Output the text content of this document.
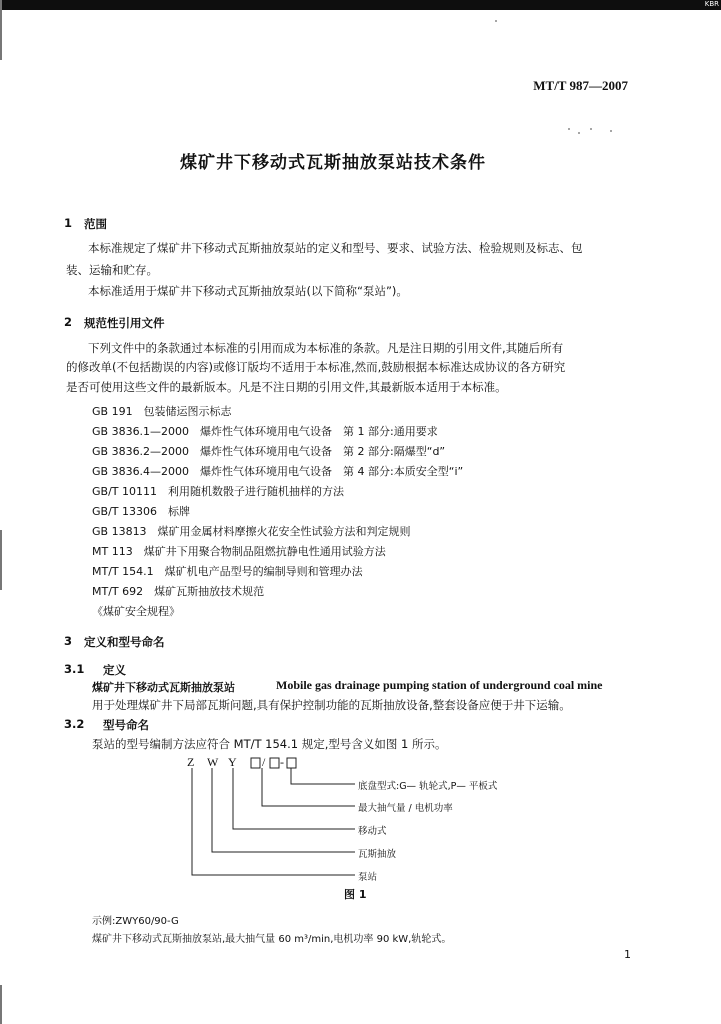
KBR
MT/T 987—2007
煤矿井下移动式瓦斯抽放泵站技术条件
1 范围
本标准规定了煤矿井下移动式瓦斯抽放泵站的定义和型号、要求、试验方法、检验规则及标志、包
装、运输和贮存。
本标准适用于煤矿井下移动式瓦斯抽放泵站(以下简称“泵站”)。
2 规范性引用文件
下列文件中的条款通过本标准的引用而成为本标准的条款。凡是注日期的引用文件,其随后所有
的修改单(不包括勘误的内容)或修订版均不适用于本标准,然而,鼓励根据本标准达成协议的各方研究
是否可使用这些文件的最新版本。凡是不注日期的引用文件,其最新版本适用于本标准。
GB 191　包装储运图示标志
GB 3836.1—2000　爆炸性气体环境用电气设备　第 1 部分:通用要求
GB 3836.2—2000　爆炸性气体环境用电气设备　第 2 部分:隔爆型“d”
GB 3836.4—2000　爆炸性气体环境用电气设备　第 4 部分:本质安全型“i”
GB/T 10111　利用随机数骰子进行随机抽样的方法
GB/T 13306　标牌
GB 13813　煤矿用金属材料摩擦火花安全性试验方法和判定规则
MT 113　煤矿井下用聚合物制品阻燃抗静电性通用试验方法
MT/T 154.1　煤矿机电产品型号的编制导则和管理办法
MT/T 692　煤矿瓦斯抽放技术规范
《煤矿安全规程》
3 定义和型号命名
3.1 定义
煤矿井下移动式瓦斯抽放泵站	Mobile gas drainage pumping station of underground coal mine
用于处理煤矿井下局部瓦斯问题,具有保护控制功能的瓦斯抽放设备,整套设备应便于井下运输。
3.2 型号命名
泵站的型号编制方法应符合 MT/T 154.1 规定,型号含义如图 1 所示。
Z W Y / -
底盘型式:G— 轨轮式,P— 平板式
最大抽气量 / 电机功率
移动式
瓦斯抽放
泵站
图 1
示例:ZWY60/90-G
煤矿井下移动式瓦斯抽放泵站,最大抽气量 60 m³/min,电机功率 90 kW,轨轮式。
1
